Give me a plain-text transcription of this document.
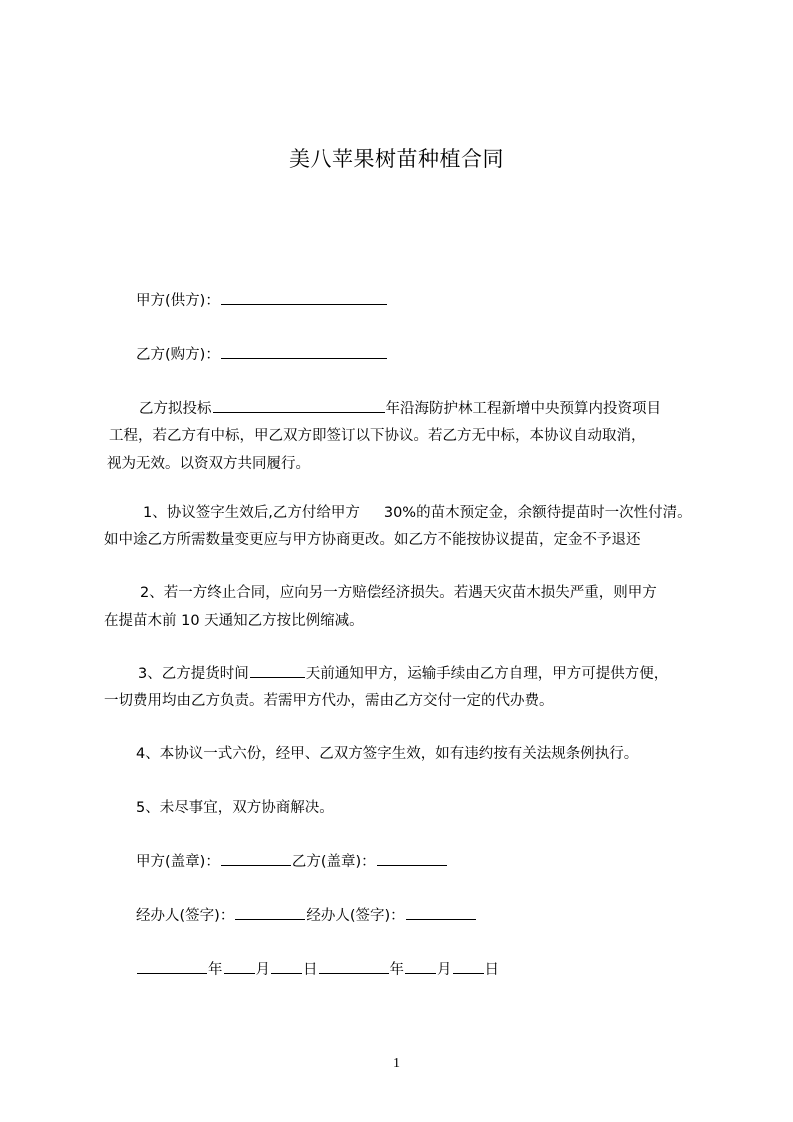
美八苹果树苗种植合同
甲方(供方)：
乙方(购方)：
乙方拟投标	年沿海防护林工程新增中央预算内投资项目
工程，若乙方有中标，甲乙双方即签订以下协议。若乙方无中标，本协议自动取消，
视为无效。以资双方共同履行。
1、协议签字生效后,乙方付给甲方 30%的苗木预定金，余额待提苗时一次性付清。
如中途乙方所需数量变更应与甲方协商更改。如乙方不能按协议提苗，定金不予退还
2、若一方终止合同，应向另一方赔偿经济损失。若遇天灾苗木损失严重，则甲方
在提苗木前 10 天通知乙方按比例缩减。
3、乙方提货时间	天前通知甲方，运输手续由乙方自理，甲方可提供方便，
一切费用均由乙方负责。若需甲方代办，需由乙方交付一定的代办费。
4、本协议一式六份，经甲、乙双方签字生效，如有违约按有关法规条例执行。
5、未尽事宜，双方协商解决。
甲方(盖章)：	乙方(盖章)：
经办人(签字)：	经办人(签字)：
年 月 日	年 月 日
1
